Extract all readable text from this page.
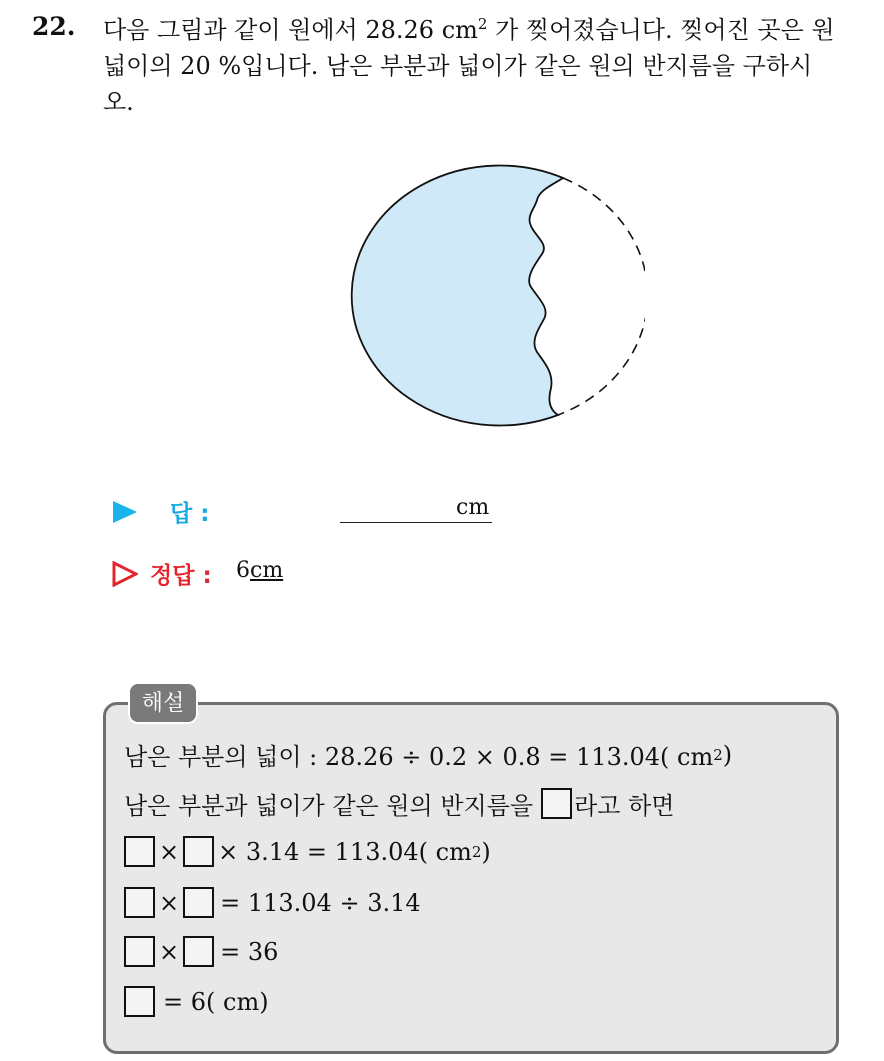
22. 다음 그림과 같이 원에서 28.26 $cm^2$ 가 찢어졌습니다. 찢어진 곳은 원
넓이의 20 %입니다. 남은 부분과 넓이가 같은 원의 반지름을 구하시
오.
답 :	cm
정답 : 6cm
해설
남은 부분의 넓이 : 28.26 ÷ 0.2 × 0.8 = 113.04( cm 2 )
남은 부분과 넓이가 같은 원의 반지름을 라고 하면
× × 3.14 = 113.04( cm 2 )
× = 113.04 ÷ 3.14
× = 36
= 6( cm)
